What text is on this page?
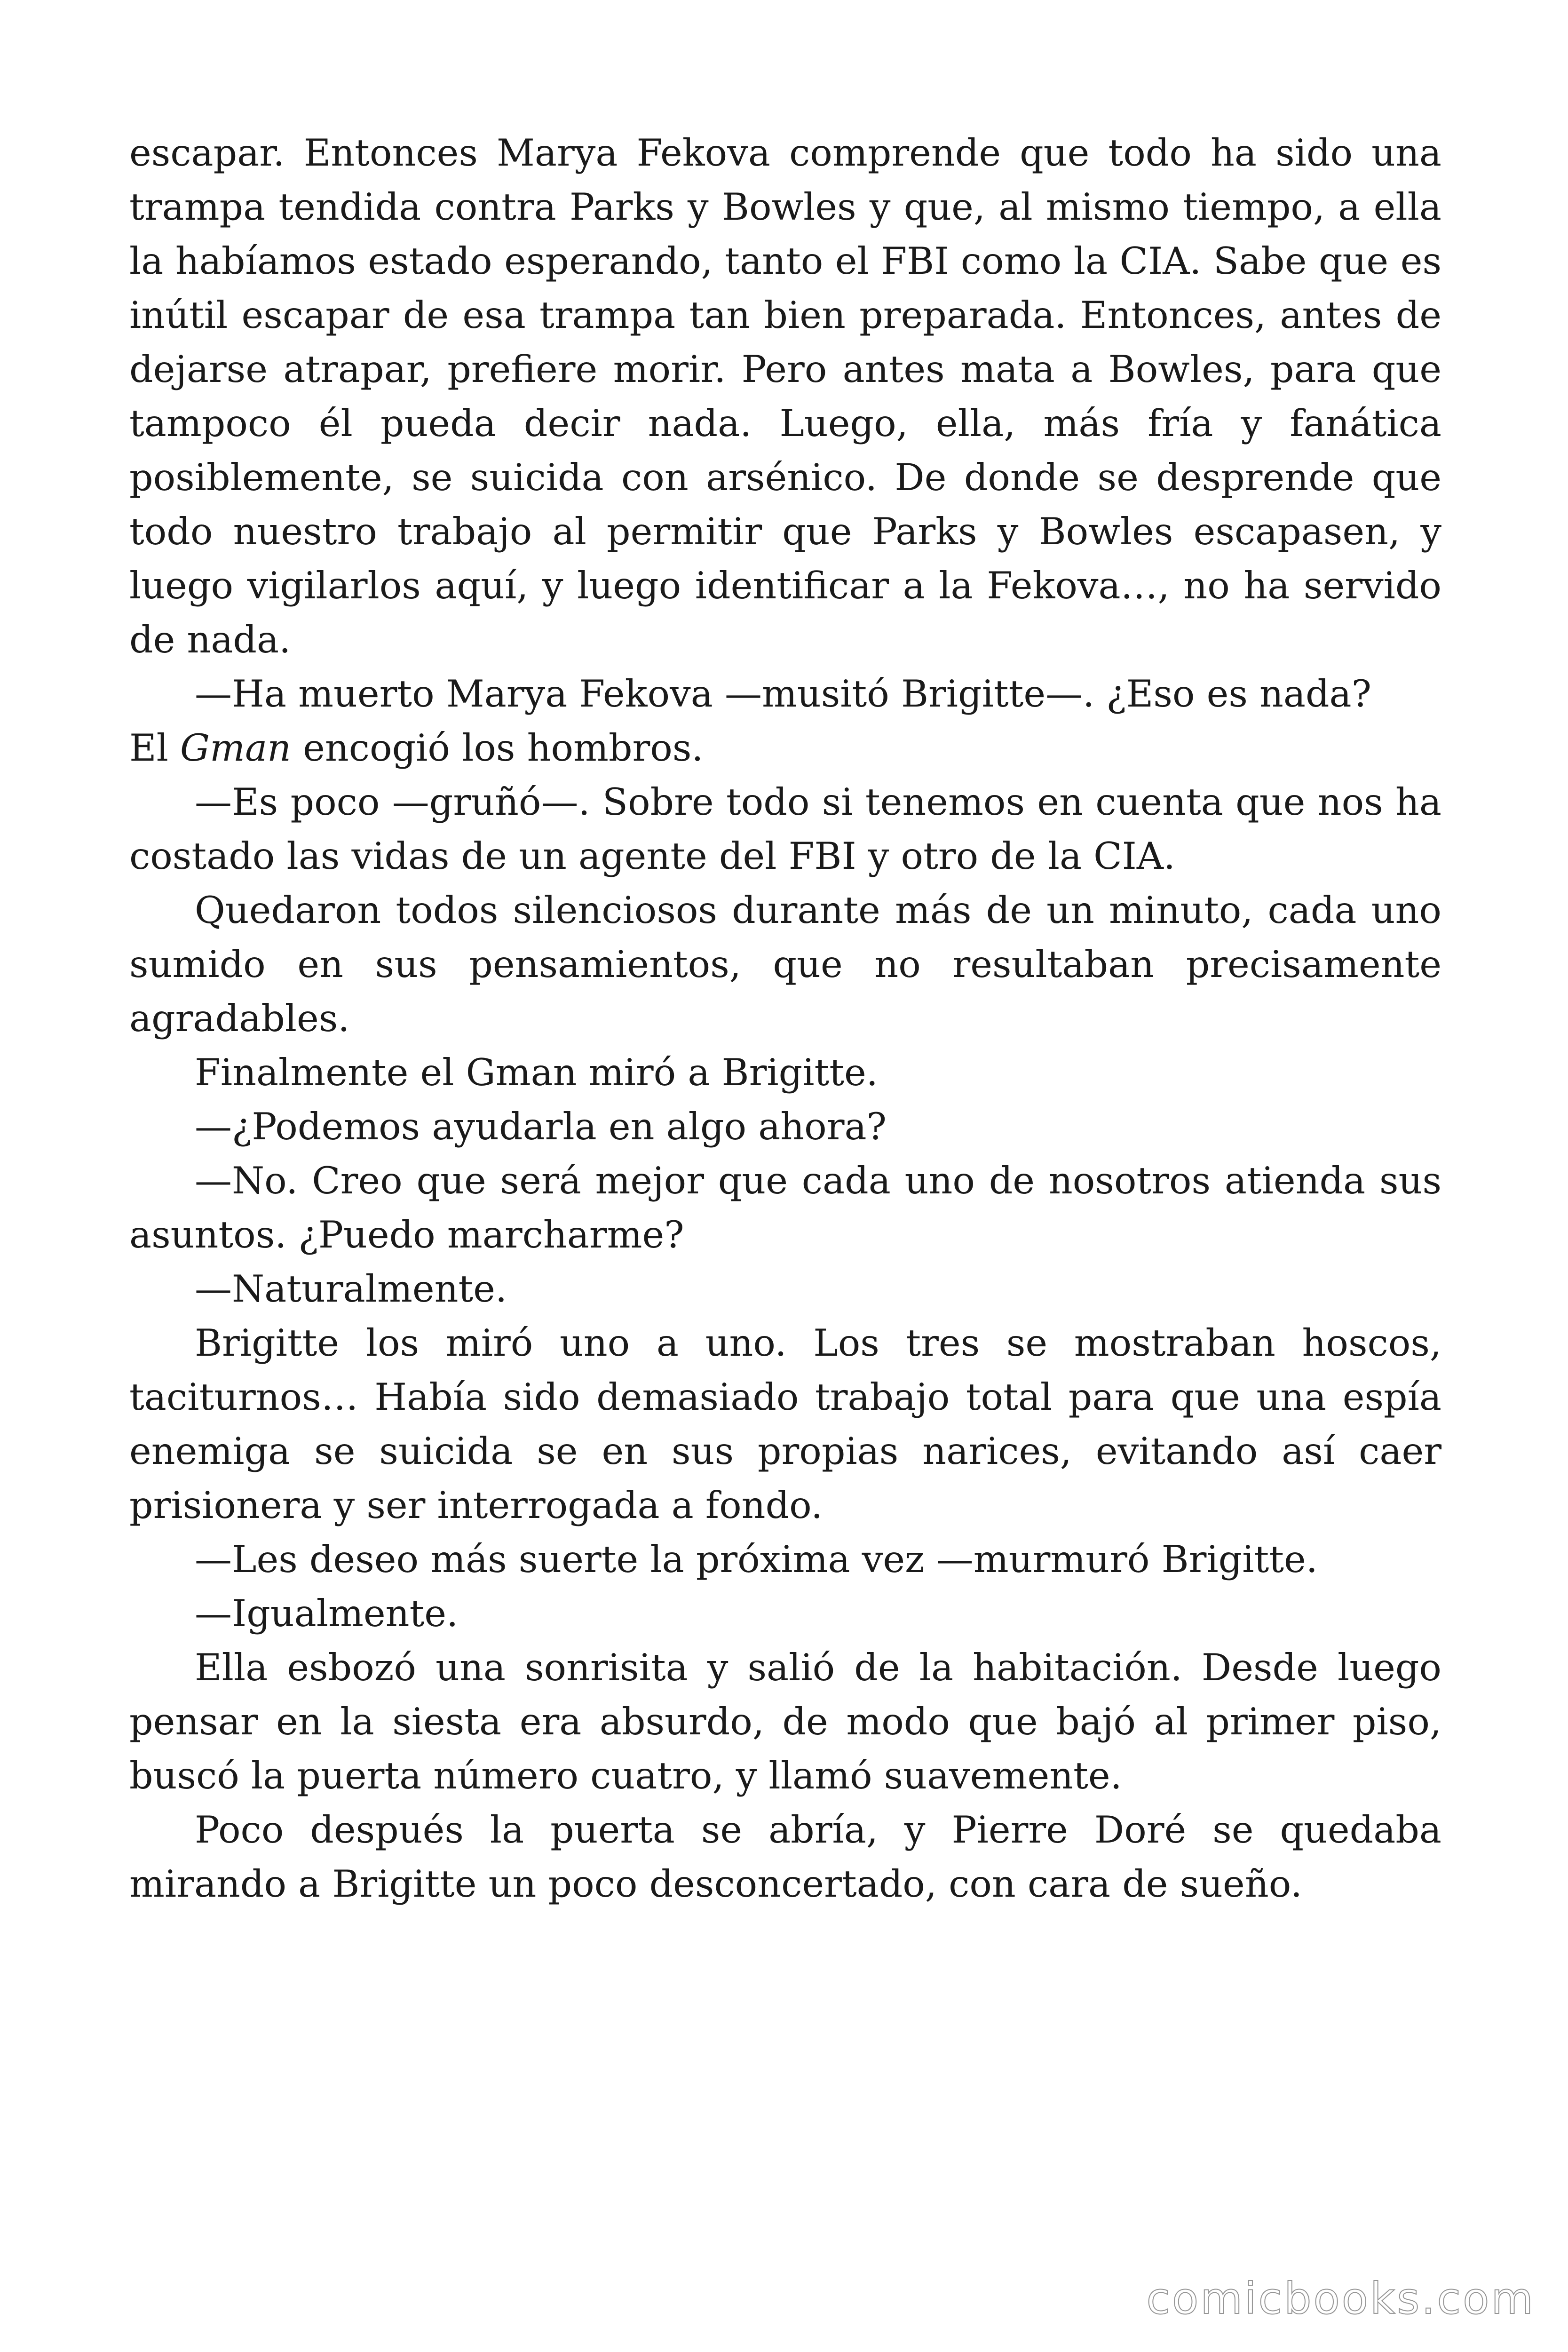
escapar. Entonces Marya Fekova comprende que todo ha sido una trampa tendida contra Parks y Bowles y que, al mismo tiempo, a ella la habíamos estado esperando, tanto el FBI como la CIA. Sabe que es inútil escapar de esa trampa tan bien preparada. Entonces, antes de dejarse atrapar, prefiere morir. Pero antes mata a Bowles, para que tampoco él pueda decir nada. Luego, ella, más fría y fanática posiblemente, se suicida con arsénico. De donde se desprende que todo nuestro trabajo al permitir que Parks y Bowles escapasen, y luego vigilarlos aquí, y luego identificar a la Fekova…, no ha servido de nada.

—Ha muerto Marya Fekova —musitó Brigitte—. ¿Eso es nada?

El Gman encogió los hombros.

—Es poco —gruñó—. Sobre todo si tenemos en cuenta que nos ha costado las vidas de un agente del FBI y otro de la CIA.

Quedaron todos silenciosos durante más de un minuto, cada uno sumido en sus pensamientos, que no resultaban precisamente agradables.

Finalmente el Gman miró a Brigitte.

—¿Podemos ayudarla en algo ahora?

—No. Creo que será mejor que cada uno de nosotros atienda sus asuntos. ¿Puedo marcharme?

—Naturalmente.

Brigitte los miró uno a uno. Los tres se mostraban hoscos, taciturnos… Había sido demasiado trabajo total para que una espía enemiga se suicida se en sus propias narices, evitando así caer prisionera y ser interrogada a fondo.

—Les deseo más suerte la próxima vez —murmuró Brigitte.

—Igualmente.

Ella esbozó una sonrisita y salió de la habitación. Desde luego pensar en la siesta era absurdo, de modo que bajó al primer piso, buscó la puerta número cuatro, y llamó suavemente.

Poco después la puerta se abría, y Pierre Doré se quedaba mirando a Brigitte un poco desconcertado, con cara de sueño.

comicbooks.com
